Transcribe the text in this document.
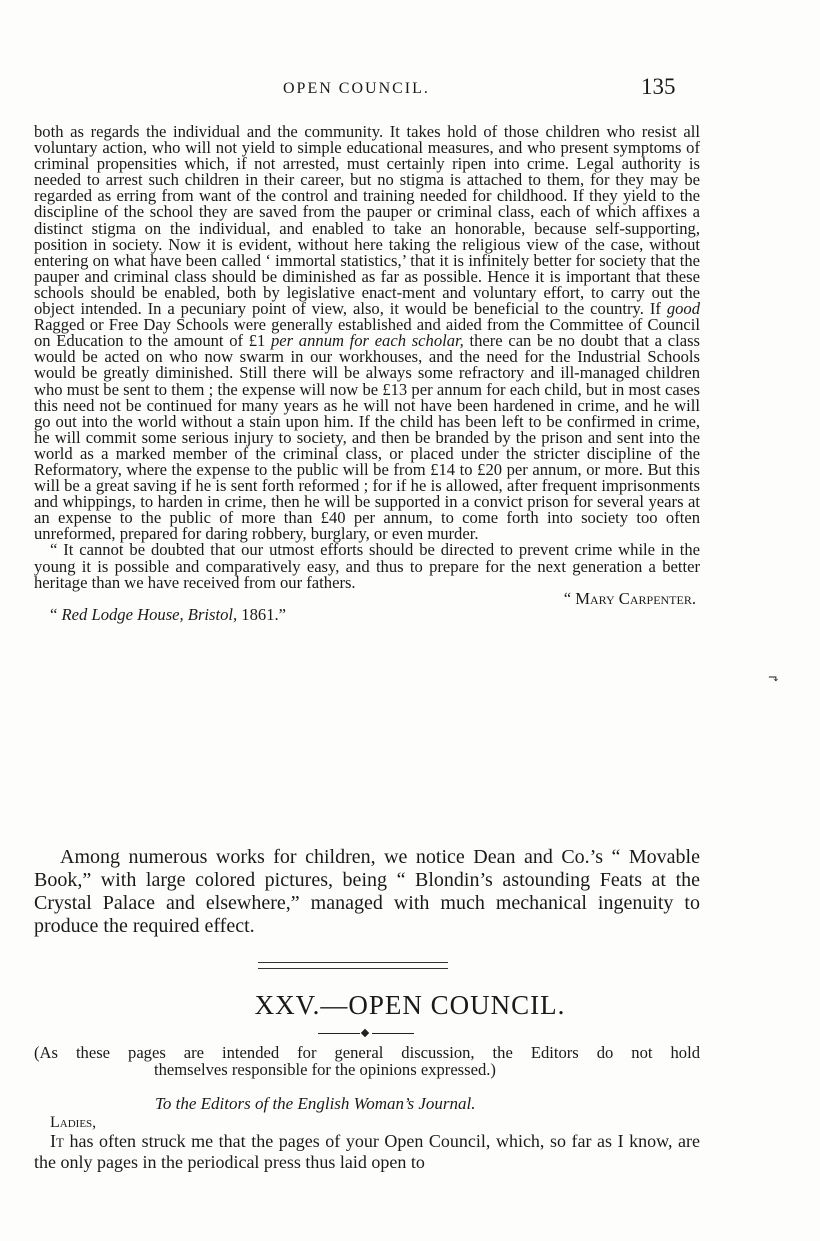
OPEN COUNCIL.	135

both as regards the individual and the community. It takes hold of those children who resist all voluntary action, who will not yield to simple educational measures, and who present symptoms of criminal propensities which, if not arrested, must certainly ripen into crime. Legal authority is needed to arrest such children in their career, but no stigma is attached to them, for they may be regarded as erring from want of the control and training needed for childhood. If they yield to the discipline of the school they are saved from the pauper or criminal class, each of which affixes a distinct stigma on the individual, and enabled to take an honorable, because self-supporting, position in society. Now it is evident, without here taking the religious view of the case, without entering on what have been called ‘ immortal statistics,’ that it is infinitely better for society that the pauper and criminal class should be diminished as far as possible. Hence it is important that these schools should be enabled, both by legislative enact-ment and voluntary effort, to carry out the object intended. In a pecuniary point of view, also, it would be beneficial to the country. If good Ragged or Free Day Schools were generally established and aided from the Committee of Council on Education to the amount of £1 per annum for each scholar, there can be no doubt that a class would be acted on who now swarm in our workhouses, and the need for the Industrial Schools would be greatly diminished. Still there will be always some refractory and ill-managed children who must be sent to them ; the expense will now be £13 per annum for each child, but in most cases this need not be continued for many years as he will not have been hardened in crime, and he will go out into the world without a stain upon him. If the child has been left to be confirmed in crime, he will commit some serious injury to society, and then be branded by the prison and sent into the world as a marked member of the criminal class, or placed under the stricter discipline of the Reformatory, where the expense to the public will be from £14 to £20 per annum, or more. But this will be a great saving if he is sent forth reformed ; for if he is allowed, after frequent imprisonments and whippings, to harden in crime, then he will be supported in a convict prison for several years at an expense to the public of more than £40 per annum, to come forth into society too often unreformed, prepared for daring robbery, burglary, or even murder.

“ It cannot be doubted that our utmost efforts should be directed to prevent crime while in the young it is possible and comparatively easy, and thus to prepare for the next generation a better heritage than we have received from our fathers.

“ Mary Carpenter.

“ Red Lodge House, Bristol, 1861.”

Among numerous works for children, we notice Dean and Co.’s “ Movable Book,” with large colored pictures, being “ Blondin’s astounding Feats at the Crystal Palace and elsewhere,” managed with much mechanical ingenuity to produce the required effect.

XXV.—OPEN COUNCIL.
(As these pages are intended for general discussion, the Editors do not hold
themselves responsible for the opinions expressed.)
To the Editors of the English Woman’s Journal.
Ladies,

It has often struck me that the pages of your Open Council, which, so far as I know, are the only pages in the periodical press thus laid open to

⬎
